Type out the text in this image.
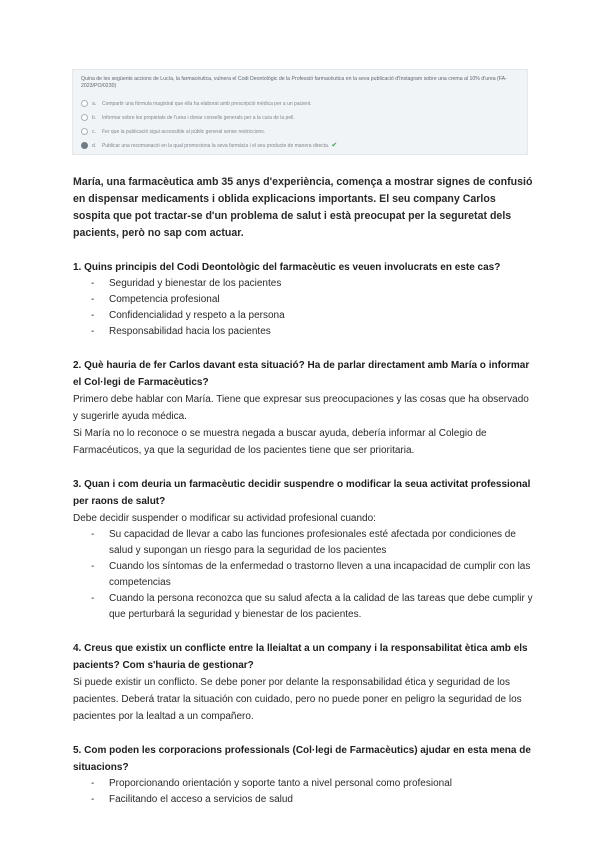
Quina de les següents accions de Lucía, la farmacèutica, vulnera el Codi Deontològic de la Professió farmacèutica en la seva publicació d'Instagram sobre una crema al 10% d'urea (FA-2023/PO/0230)

a.	Compartir una fórmula magistral que ella ha elaborat amb prescripció mèdica per a un pacient.
b.	Informar sobre les propietats de l'urea i donar consells generals per a la cura de la pell.
c.	Fer que la publicació sigui accessible al públic general sense restriccions.
d.	Publicar una recomanació en la qual promociona la seva farmàcia i el seu producte de manera directa. ✔

María, una farmacèutica amb 35 anys d'experiència, comença a mostrar signes de confusió en dispensar medicaments i oblida explicacions importants. El seu company Carlos sospita que pot tractar-se d'un problema de salut i està preocupat per la seguretat dels pacients, però no sap com actuar.

1. Quins principis del Codi Deontològic del farmacèutic es veuen involucrats en este cas?

- Seguridad y bienestar de los pacientes
- Competencia profesional
- Confidencialidad y respeto a la persona
- Responsabilidad hacia los pacientes

2. Què hauria de fer Carlos davant esta situació? Ha de parlar directament amb María o informar el Col·legi de Farmacèutics?

Primero debe hablar con María. Tiene que expresar sus preocupaciones y las cosas que ha observado y sugerirle ayuda médica.

Si María no lo reconoce o se muestra negada a buscar ayuda, debería informar al Colegio de Farmacéuticos, ya que la seguridad de los pacientes tiene que ser prioritaria.

3. Quan i com deuria un farmacèutic decidir suspendre o modificar la seua activitat professional per raons de salut?

Debe decidir suspender o modificar su actividad profesional cuando:

- Su capacidad de llevar a cabo las funciones profesionales esté afectada por condiciones de salud y supongan un riesgo para la seguridad de los pacientes
- Cuando los síntomas de la enfermedad o trastorno lleven a una incapacidad de cumplir con las competencias
- Cuando la persona reconozca que su salud afecta a la calidad de las tareas que debe cumplir y que perturbará la seguridad y bienestar de los pacientes.

4. Creus que existix un conflicte entre la lleialtat a un company i la responsabilitat ètica amb els pacients? Com s'hauria de gestionar?

Si puede existir un conflicto. Se debe poner por delante la responsabilidad ética y seguridad de los pacientes. Deberá tratar la situación con cuidado, pero no puede poner en peligro la seguridad de los pacientes por la lealtad a un compañero.

5. Com poden les corporacions professionals (Col·legi de Farmacèutics) ajudar en esta mena de situacions?

- Proporcionando orientación y soporte tanto a nivel personal como profesional
- Facilitando el acceso a servicios de salud
